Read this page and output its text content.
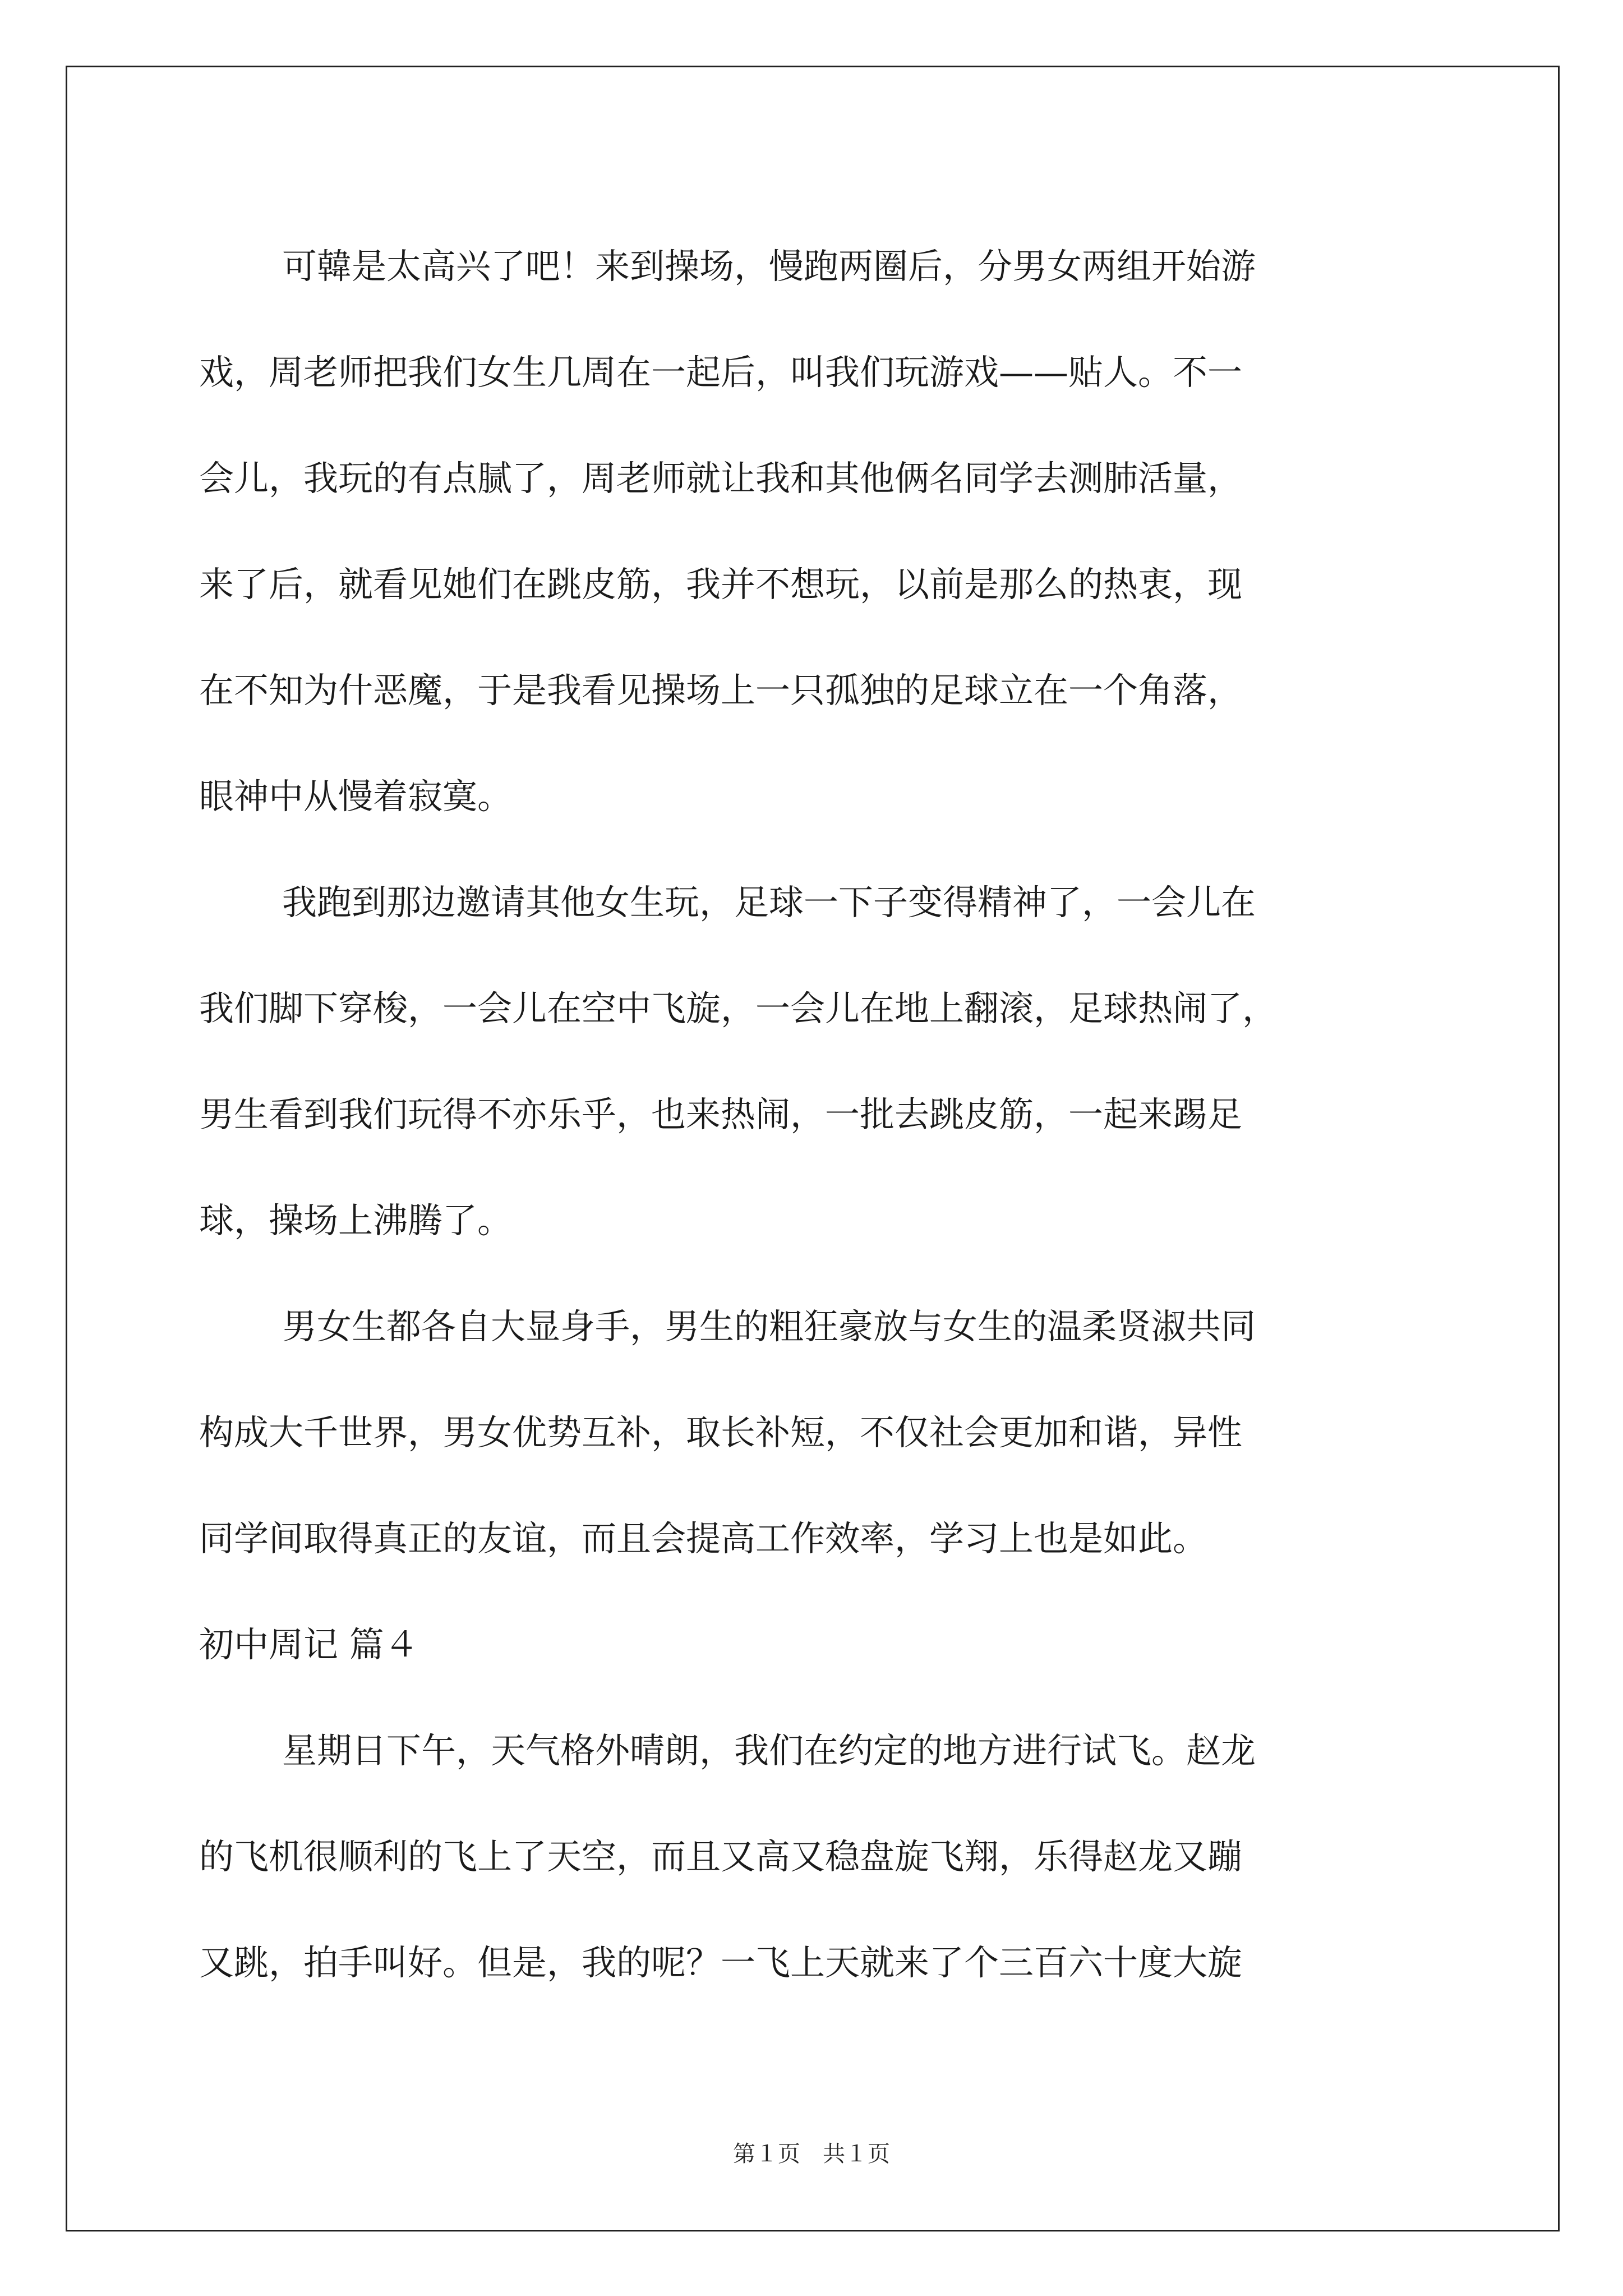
可韓是太高兴了吧！来到操场，慢跑两圈后，分男女两组开始游
戏，周老师把我们女生几周在一起后，叫我们玩游戏——贴人。不一
会儿，我玩的有点腻了，周老师就让我和其他俩名同学去测肺活量，
来了后，就看见她们在跳皮筋，我并不想玩，以前是那么的热衷，现
在不知为什恶魔，于是我看见操场上一只孤独的足球立在一个角落，
眼神中从慢着寂寞。
我跑到那边邀请其他女生玩，足球一下子变得精神了，一会儿在
我们脚下穿梭，一会儿在空中飞旋，一会儿在地上翻滚，足球热闹了，
男生看到我们玩得不亦乐乎，也来热闹，一批去跳皮筋，一起来踢足
球，操场上沸腾了。
男女生都各自大显身手，男生的粗狂豪放与女生的温柔贤淑共同
构成大千世界，男女优势互补，取长补短，不仅社会更加和谐，异性
同学间取得真正的友谊，而且会提高工作效率，学习上也是如此。
初中周记 篇４
星期日下午，天气格外晴朗，我们在约定的地方进行试飞。赵龙
的飞机很顺利的飞上了天空，而且又高又稳盘旋飞翔，乐得赵龙又蹦
又跳，拍手叫好。但是，我的呢？一飞上天就来了个三百六十度大旋
第１页　共１页
